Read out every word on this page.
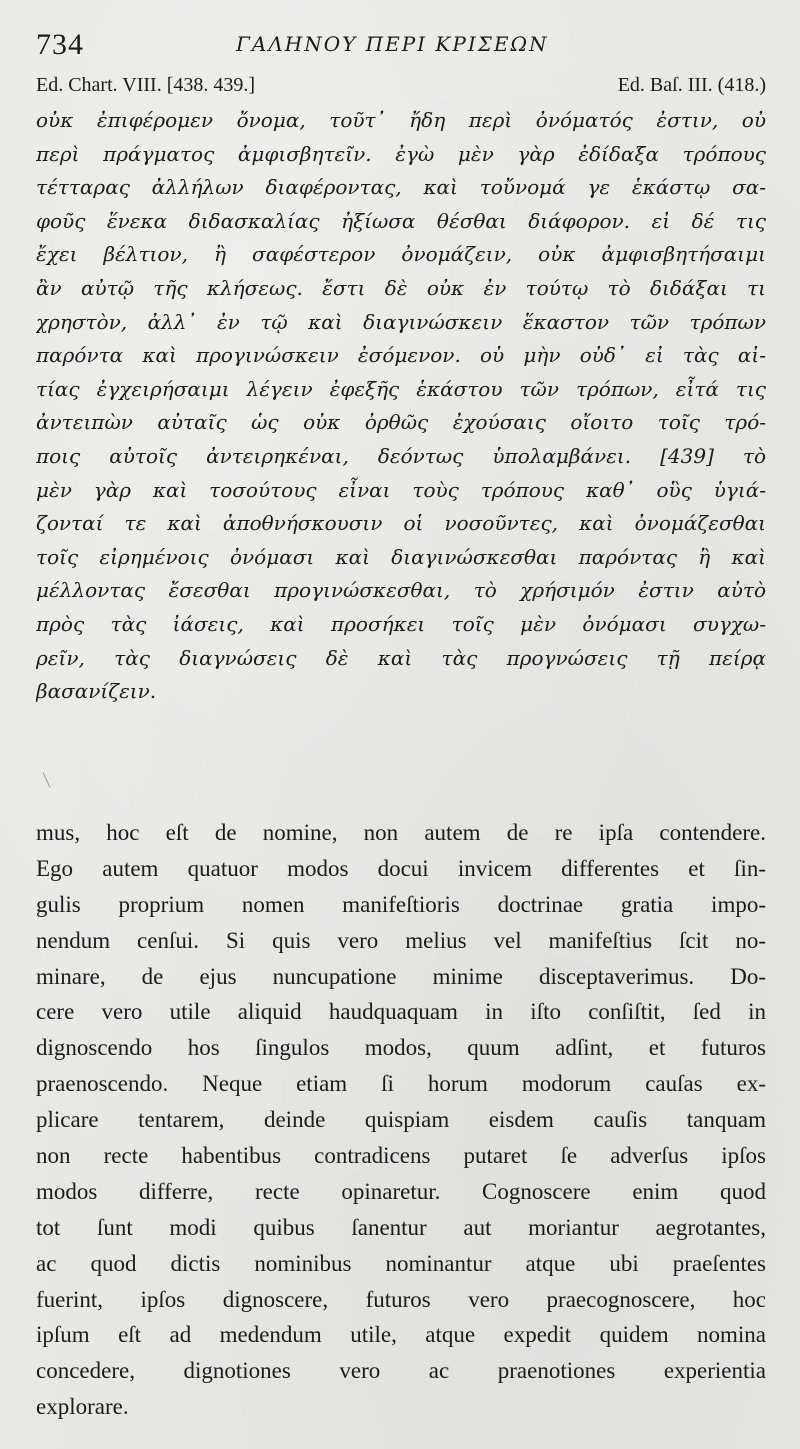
734	ΓΑΛΗΝΟΥ ΠΕΡΙ ΚΡΙΣΕΩΝ
Ed. Chart. VIII. [438. 439.]	Ed. Baſ. III. (418.)
οὐκ ἐπιφέρομεν ὄνομα, τοῦτ᾽ ἤδη περὶ ὀνόματός ἐστιν, οὐ
περὶ πράγματος ἀμφισβητεῖν. ἐγὼ μὲν γὰρ ἐδίδαξα τρόπους
τέτταρας ἀλλήλων διαφέροντας, καὶ τοὔνομά γε ἑκάστῳ σα-
φοῦς ἕνεκα διδασκαλίας ἠξίωσα θέσθαι διάφορον. εἰ δέ τις
ἔχει βέλτιον, ἢ σαφέστερον ὀνομάζειν, οὐκ ἀμφισβητήσαιμι
ἂν αὐτῷ τῆς κλήσεως. ἔστι δὲ οὐκ ἐν τούτῳ τὸ διδάξαι τι
χρηστὸν, ἀλλ᾽ ἐν τῷ καὶ διαγινώσκειν ἕκαστον τῶν τρόπων
παρόντα καὶ προγινώσκειν ἐσόμενον. οὐ μὴν οὐδ᾽ εἰ τὰς αἰ-
τίας ἐγχειρήσαιμι λέγειν ἐφεξῆς ἑκάστου τῶν τρόπων, εἶτά τις
ἀντειπὼν αὐταῖς ὡς οὐκ ὀρθῶς ἐχούσαις οἴοιτο τοῖς τρό-
ποις αὐτοῖς ἀντειρηκέναι, δεόντως ὑπολαμβάνει. [439] τὸ
μὲν γὰρ καὶ τοσούτους εἶναι τοὺς τρόπους καθ᾽ οὓς ὑγιά-
ζονταί τε καὶ ἀποθνήσκουσιν οἱ νοσοῦντες, καὶ ὀνομάζεσθαι
τοῖς εἰρημένοις ὀνόμασι καὶ διαγινώσκεσθαι παρόντας ἢ καὶ
μέλλοντας ἔσεσθαι προγινώσκεσθαι, τὸ χρήσιμόν ἐστιν αὐτὸ
πρὸς τὰς ἰάσεις, καὶ προσήκει τοῖς μὲν ὀνόμασι συγχω-
ρεῖν, τὰς διαγνώσεις δὲ καὶ τὰς προγνώσεις τῇ πείρᾳ
βασανίζειν.
mus, hoc eſt de nomine, non autem de re ipſa contendere.
Ego autem quatuor modos docui invicem differentes et ſin-
gulis proprium nomen manifeſtioris doctrinae gratia impo-
nendum cenſui. Si quis vero melius vel manifeſtius ſcit no-
minare, de ejus nuncupatione minime disceptaverimus. Do-
cere vero utile aliquid haudquaquam in iſto conſiſtit, ſed in
dignoscendo hos ſingulos modos, quum adſint, et futuros
praenoscendo. Neque etiam ſi horum modorum cauſas ex-
plicare tentarem, deinde quispiam eisdem cauſis tanquam
non recte habentibus contradicens putaret ſe adverſus ipſos
modos differre, recte opinaretur. Cognoscere enim quod
tot ſunt modi quibus ſanentur aut moriantur aegrotantes,
ac quod dictis nominibus nominantur atque ubi praeſentes
fuerint, ipſos dignoscere, futuros vero praecognoscere, hoc
ipſum eſt ad medendum utile, atque expedit quidem nomina
concedere, dignotiones vero ac praenotiones experientia
explorare.
